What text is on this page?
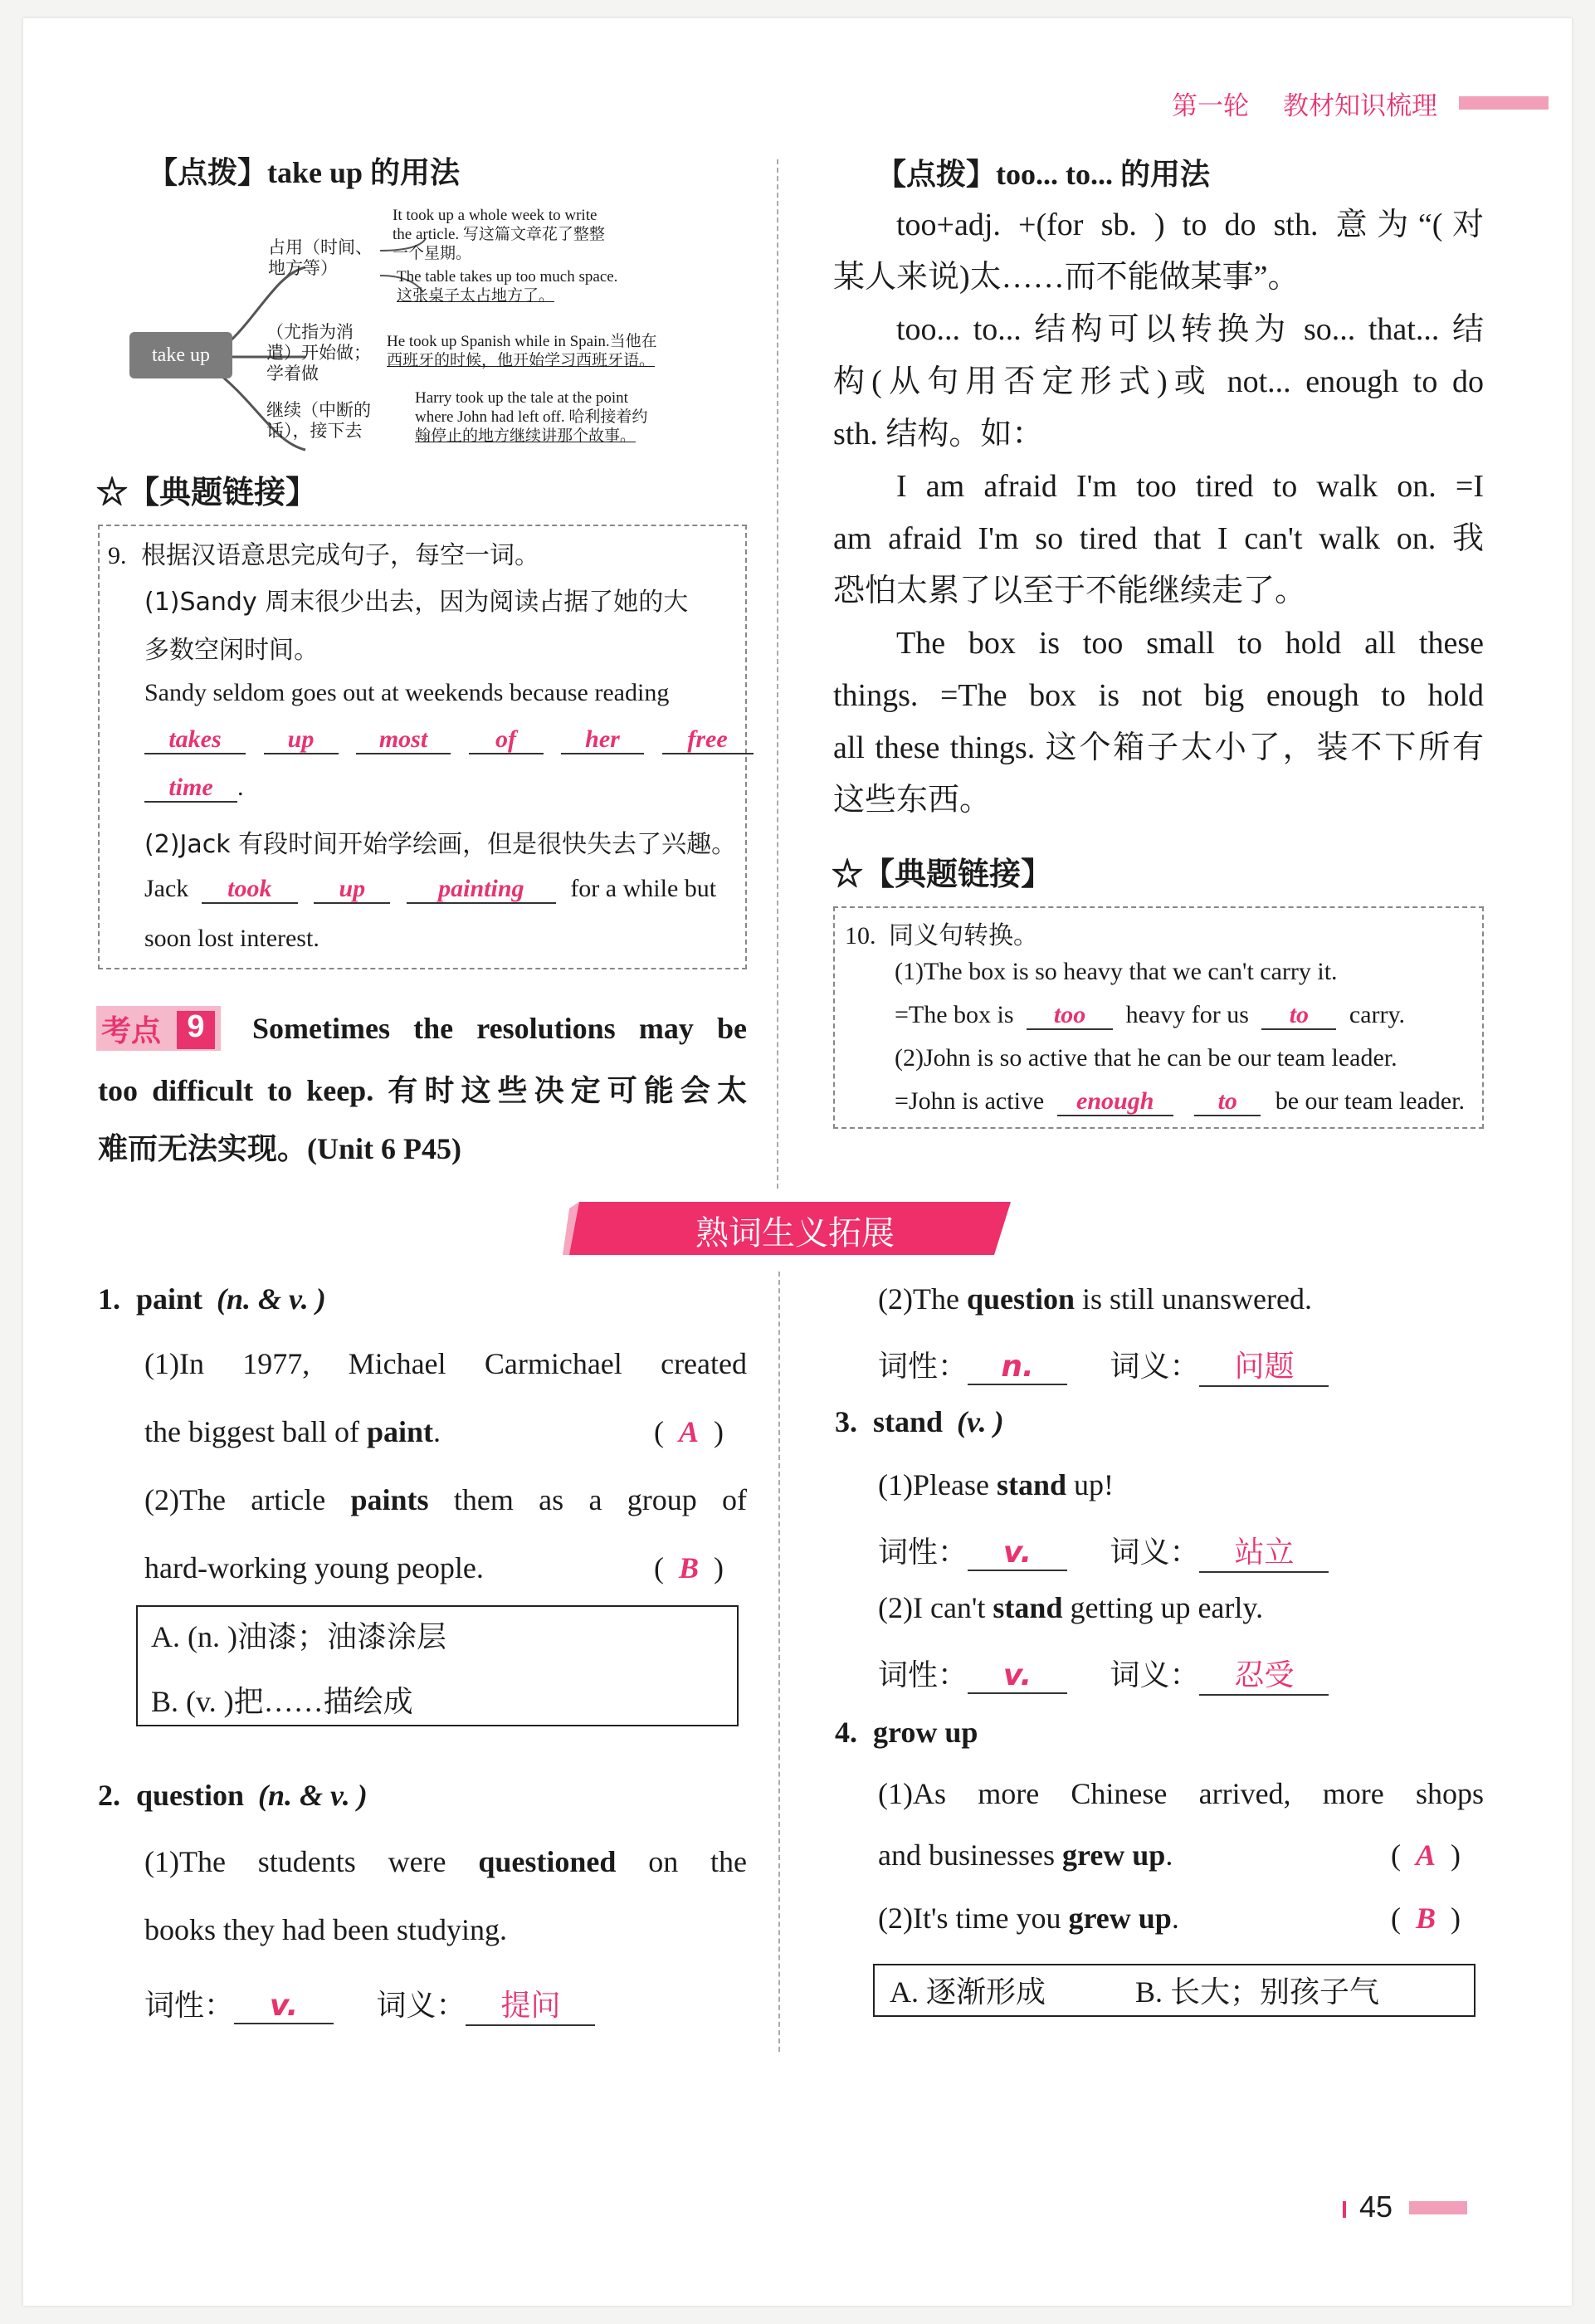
第一轮 教材知识梳理
【点拨】take up 的用法
take up
占用（时间、
地方等）
It took up a whole week to write
the article. 写这篇文章花了整整
一个星期。
The table takes up too much space.
这张桌子太占地方了。
（尤指为消
遣）开始做；
学着做
He took up Spanish while in Spain.当他在
西班牙的时候，他开始学习西班牙语。
继续（中断的
话），接下去
Harry took up the tale at the point
where John had left off. 哈利接着约
翰停止的地方继续讲那个故事。
☆【典题链接】
9. 根据汉语意思完成句子，每空一词。
(1)Sandy 周末很少出去，因为阅读占据了她的大
多数空闲时间。
Sandy seldom goes out at weekends because reading
takes	up	most	of	her	free
time .
(2)Jack 有段时间开始学绘画，但是很快失去了兴趣。
Jack took	up	painting for a while but
soon lost interest.
考点 9	Sometimes the resolutions may be
too difficult to keep. 有时这些决定可能会太
难而无法实现。(Unit 6 P45)
【点拨】too... to... 的用法
too+adj. +(for sb. ) to do sth. 意为“(对
某人来说)太……而不能做某事”。
too... to... 结构可以转换为 so... that... 结
构(从句用否定形式)或 not... enough to do
sth. 结构。如：
I am afraid I'm too tired to walk on. =I
am afraid I'm so tired that I can't walk on. 我
恐怕太累了以至于不能继续走了。
The box is too small to hold all these
things. =The box is not big enough to hold
all these things. 这个箱子太小了，装不下所有
这些东西。
☆【典题链接】
10. 同义句转换。
(1)The box is so heavy that we can't carry it.
=The box is too heavy for us to carry.
(2)John is so active that he can be our team leader.
=John is active enough	to be our team leader.
熟词生义拓展
1. paint (n. & v. )
(1)In 1977, Michael Carmichael created
the biggest ball of paint.	(  A  )
(2)The article paints them as a group of
hard-working young people.	(  B  )
A. (n. )油漆；油漆涂层
B. (v. )把……描绘成
2. question (n. & v. )
(1)The students were questioned on the
books they had been studying.
词性： v.	词义： 提问
(2)The question is still unanswered.
词性： n.	词义： 问题
3. stand (v. )
(1)Please stand up!
词性： v.	词义： 站立
(2)I can't stand getting up early.
词性： v.	词义： 忍受
4. grow up
(1)As more Chinese arrived, more shops
and businesses grew up.	(  A  )
(2)It's time you grew up.	(  B  )
A. 逐渐形成	B. 长大；别孩子气
45
